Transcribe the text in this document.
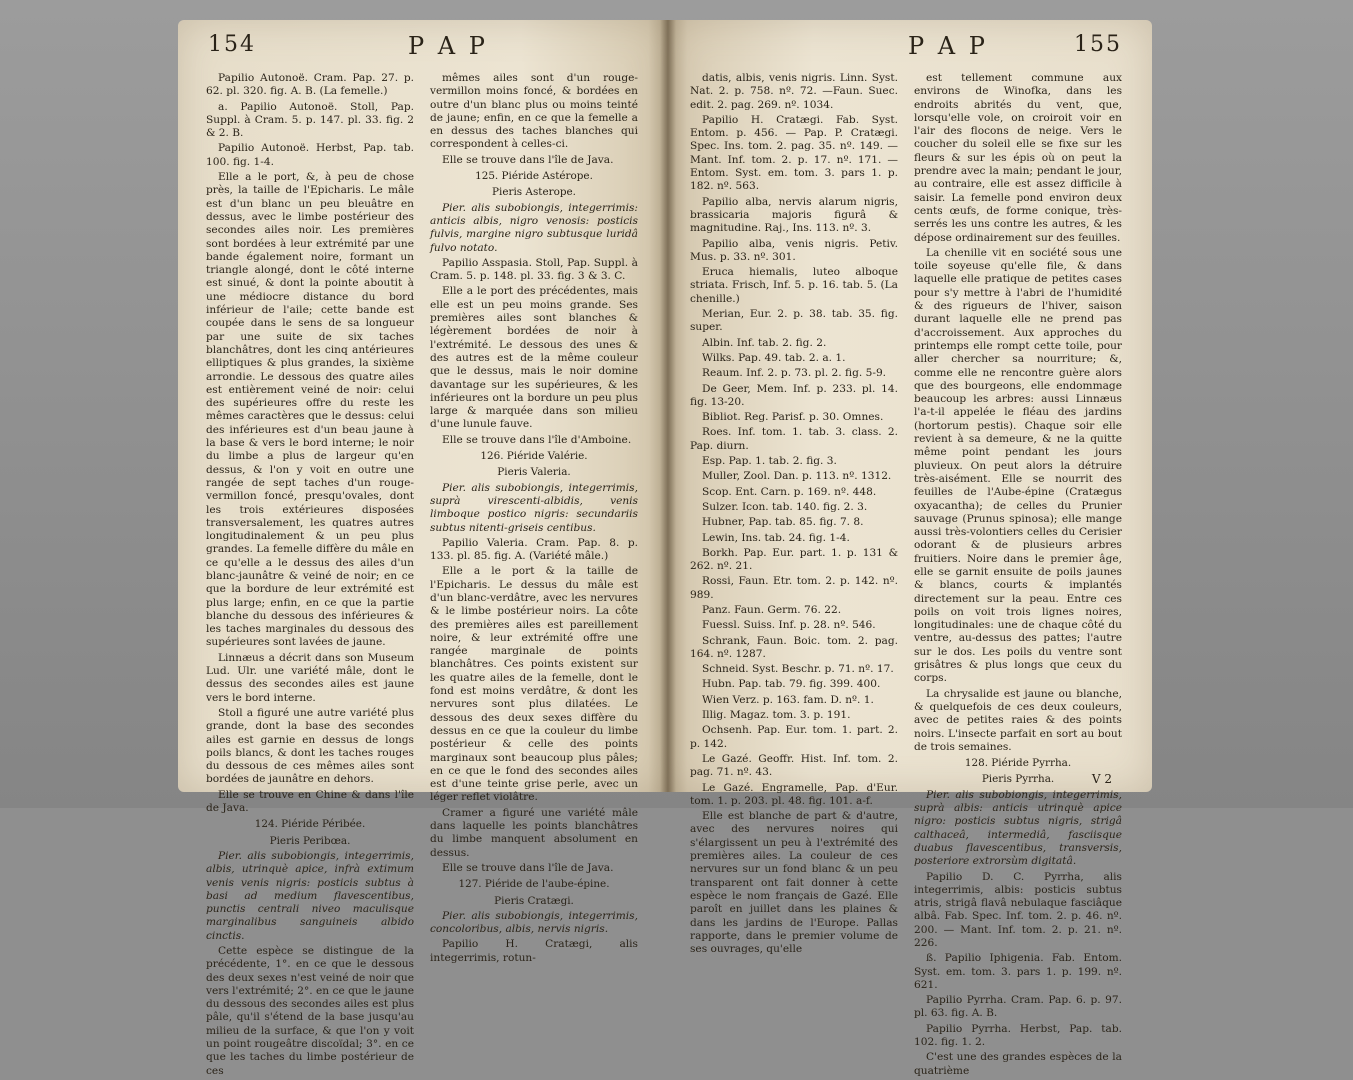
154	P A P

Papilio Autonoë. Cram. Pap. 27. p. 62. pl. 320. fig. A. B. (La femelle.)

a. Papilio Autonoë. Stoll, Pap. Suppl. à Cram. 5. p. 147. pl. 33. fig. 2 & 2. B.

Papilio Autonoë. Herbst, Pap. tab. 100. fig. 1-4.

Elle a le port, &, à peu de chose près, la taille de l'Epicharis. Le mâle est d'un blanc un peu bleuâtre en dessus, avec le limbe postérieur des secondes ailes noir. Les premières sont bordées à leur extrémité par une bande également noire, formant un triangle alongé, dont le côté interne est sinué, & dont la pointe aboutit à une médiocre distance du bord inférieur de l'aile; cette bande est coupée dans le sens de sa longueur par une suite de six taches blanchâtres, dont les cinq antérieures elliptiques & plus grandes, la sixième arrondie. Le dessous des quatre ailes est entièrement veiné de noir: celui des supérieures offre du reste les mêmes caractères que le dessus: celui des inférieures est d'un beau jaune à la base & vers le bord interne; le noir du limbe a plus de largeur qu'en dessus, & l'on y voit en outre une rangée de sept taches d'un rouge-vermillon foncé, presqu'ovales, dont les trois extérieures disposées transversalement, les quatres autres longitudinalement & un peu plus grandes. La femelle diffère du mâle en ce qu'elle a le dessus des ailes d'un blanc-jaunâtre & veiné de noir; en ce que la bordure de leur extrémité est plus large; enfin, en ce que la partie blanche du dessous des inférieures & les taches marginales du dessous des supérieures sont lavées de jaune.

Linnæus a décrit dans son Museum Lud. Ulr. une variété mâle, dont le dessus des secondes ailes est jaune vers le bord interne.

Stoll a figuré une autre variété plus grande, dont la base des secondes ailes est garnie en dessus de longs poils blancs, & dont les taches rouges du dessous de ces mêmes ailes sont bordées de jaunâtre en dehors.

Elle se trouve en Chine & dans l'île de Java.

124. Piéride Péribée.

Pieris Peribœa.

Pier. alis subobiongis, integerrimis, albis, utrinquè apice, infrà extimum venis venis nigris: posticis subtus à basi ad medium flavescentibus, punctis centrali niveo maculisque marginalibus sanguineis albido cinctis.

Cette espèce se distingue de la précédente, 1°. en ce que le dessous des deux sexes n'est veiné de noir que vers l'extrémité; 2°. en ce que le jaune du dessous des secondes ailes est plus pâle, qu'il s'étend de la base jusqu'au milieu de la surface, & que l'on y voit un point rougeâtre discoïdal; 3°. en ce que les taches du limbe postérieur de ces

mêmes ailes sont d'un rouge-vermillon moins foncé, & bordées en outre d'un blanc plus ou moins teinté de jaune; enfin, en ce que la femelle a en dessus des taches blanches qui correspondent à celles-ci.

Elle se trouve dans l'île de Java.

125. Piéride Astérope.

Pieris Asterope.

Pier. alis subobiongis, integerrimis: anticis albis, nigro venosis: posticis fulvis, margine nigro subtusque luridâ fulvo notato.

Papilio Asspasia. Stoll, Pap. Suppl. à Cram. 5. p. 148. pl. 33. fig. 3 & 3. C.

Elle a le port des précédentes, mais elle est un peu moins grande. Ses premières ailes sont blanches & légèrement bordées de noir à l'extrémité. Le dessous des unes & des autres est de la même couleur que le dessus, mais le noir domine davantage sur les supérieures, & les inférieures ont la bordure un peu plus large & marquée dans son milieu d'une lunule fauve.

Elle se trouve dans l'île d'Amboine.

126. Piéride Valérie.

Pieris Valeria.

Pier. alis subobiongis, integerrimis, suprà virescenti-albidis, venis limboque postico nigris: secundariis subtus nitenti-griseis centibus.

Papilio Valeria. Cram. Pap. 8. p. 133. pl. 85. fig. A. (Variété mâle.)

Elle a le port & la taille de l'Epicharis. Le dessus du mâle est d'un blanc-verdâtre, avec les nervures & le limbe postérieur noirs. La côte des premières ailes est pareillement noire, & leur extrémité offre une rangée marginale de points blanchâtres. Ces points existent sur les quatre ailes de la femelle, dont le fond est moins verdâtre, & dont les nervures sont plus dilatées. Le dessous des deux sexes diffère du dessus en ce que la couleur du limbe postérieur & celle des points marginaux sont beaucoup plus pâles; en ce que le fond des secondes ailes est d'une teinte grise perle, avec un léger reflet violâtre.

Cramer a figuré une variété mâle dans laquelle les points blanchâtres du limbe manquent absolument en dessus.

Elle se trouve dans l'île de Java.

127. Piéride de l'aube-épine.

Pieris Cratægi.

Pier. alis subobiongis, integerrimis, concoloribus, albis, nervis nigris.

Papilio H. Cratægi, alis integerrimis, rotun-

P A P	155

datis, albis, venis nigris. Linn. Syst. Nat. 2. p. 758. nº. 72. —Faun. Suec. edit. 2. pag. 269. nº. 1034.

Papilio H. Cratægi. Fab. Syst. Entom. p. 456. — Pap. P. Cratægi. Spec. Ins. tom. 2. pag. 35. nº. 149. — Mant. Inf. tom. 2. p. 17. nº. 171. — Entom. Syst. em. tom. 3. pars 1. p. 182. nº. 563.

Papilio alba, nervis alarum nigris, brassicaria majoris figurâ & magnitudine. Raj., Ins. 113. nº. 3.

Papilio alba, venis nigris. Petiv. Mus. p. 33. nº. 301.

Eruca hiemalis, luteo alboque striata. Frisch, Inf. 5. p. 16. tab. 5. (La chenille.)

Merian, Eur. 2. p. 38. tab. 35. fig. super.

Albin. Inf. tab. 2. fig. 2.

Wilks. Pap. 49. tab. 2. a. 1.

Reaum. Inf. 2. p. 73. pl. 2. fig. 5-9.

De Geer, Mem. Inf. p. 233. pl. 14. fig. 13-20.

Bibliot. Reg. Parisf. p. 30. Omnes.

Roes. Inf. tom. 1. tab. 3. class. 2. Pap. diurn.

Esp. Pap. 1. tab. 2. fig. 3.

Muller, Zool. Dan. p. 113. nº. 1312.

Scop. Ent. Carn. p. 169. nº. 448.

Sulzer. Icon. tab. 140. fig. 2. 3.

Hubner, Pap. tab. 85. fig. 7. 8.

Lewin, Ins. tab. 24. fig. 1-4.

Borkh. Pap. Eur. part. 1. p. 131 & 262. nº. 21.

Rossi, Faun. Etr. tom. 2. p. 142. nº. 989.

Panz. Faun. Germ. 76. 22.

Fuessl. Suiss. Inf. p. 28. nº. 546.

Schrank, Faun. Boic. tom. 2. pag. 164. nº. 1287.

Schneid. Syst. Beschr. p. 71. nº. 17.

Hubn. Pap. tab. 79. fig. 399. 400.

Wien Verz. p. 163. fam. D. nº. 1.

Illig. Magaz. tom. 3. p. 191.

Ochsenh. Pap. Eur. tom. 1. part. 2. p. 142.

Le Gazé. Geoffr. Hist. Inf. tom. 2. pag. 71. nº. 43.

Le Gazé. Engramelle, Pap. d'Eur. tom. 1. p. 203. pl. 48. fig. 101. a-f.

Elle est blanche de part & d'autre, avec des nervures noires qui s'élargissent un peu à l'extrémité des premières ailes. La couleur de ces nervures sur un fond blanc & un peu transparent ont fait donner à cette espèce le nom français de Gazé. Elle paroît en juillet dans les plaines & dans les jardins de l'Europe. Pallas rapporte, dans le premier volume de ses ouvrages, qu'elle

est tellement commune aux environs de Winofka, dans les endroits abrités du vent, que, lorsqu'elle vole, on croiroit voir en l'air des flocons de neige. Vers le coucher du soleil elle se fixe sur les fleurs & sur les épis où on peut la prendre avec la main; pendant le jour, au contraire, elle est assez difficile à saisir. La femelle pond environ deux cents œufs, de forme conique, très-serrés les uns contre les autres, & les dépose ordinairement sur des feuilles.

La chenille vit en société sous une toile soyeuse qu'elle file, & dans laquelle elle pratique de petites cases pour s'y mettre à l'abri de l'humidité & des rigueurs de l'hiver, saison durant laquelle elle ne prend pas d'accroissement. Aux approches du printemps elle rompt cette toile, pour aller chercher sa nourriture; &, comme elle ne rencontre guère alors que des bourgeons, elle endommage beaucoup les arbres: aussi Linnæus l'a-t-il appelée le fléau des jardins (hortorum pestis). Chaque soir elle revient à sa demeure, & ne la quitte même point pendant les jours pluvieux. On peut alors la détruire très-aisément. Elle se nourrit des feuilles de l'Aube-épine (Cratægus oxyacantha); de celles du Prunier sauvage (Prunus spinosa); elle mange aussi très-volontiers celles du Cerisier odorant & de plusieurs arbres fruitiers. Noire dans le premier âge, elle se garnit ensuite de poils jaunes & blancs, courts & implantés directement sur la peau. Entre ces poils on voit trois lignes noires, longitudinales: une de chaque côté du ventre, au-dessus des pattes; l'autre sur le dos. Les poils du ventre sont grisâtres & plus longs que ceux du corps.

La chrysalide est jaune ou blanche, & quelquefois de ces deux couleurs, avec de petites raies & des points noirs. L'insecte parfait en sort au bout de trois semaines.

128. Piéride Pyrrha.

Pieris Pyrrha.

Pier. alis subobiongis, integerrimis, suprà albis: anticis utrinquè apice nigro: posticis subtus nigris, strigâ calthaceâ, intermediâ, fasciisque duabus flavescentibus, transversis, posteriore extrorsùm digitatâ.

Papilio D. C. Pyrrha, alis integerrimis, albis: posticis subtus atris, strigâ flavâ nebulaque fasciâque albâ. Fab. Spec. Inf. tom. 2. p. 46. nº. 200. — Mant. Inf. tom. 2. p. 21. nº. 226.

ß. Papilio Iphigenia. Fab. Entom. Syst. em. tom. 3. pars 1. p. 199. nº. 621.

Papilio Pyrrha. Cram. Pap. 6. p. 97. pl. 63. fig. A. B.

Papilio Pyrrha. Herbst, Pap. tab. 102. fig. 1. 2.

C'est une des grandes espèces de la quatrième

V 2
